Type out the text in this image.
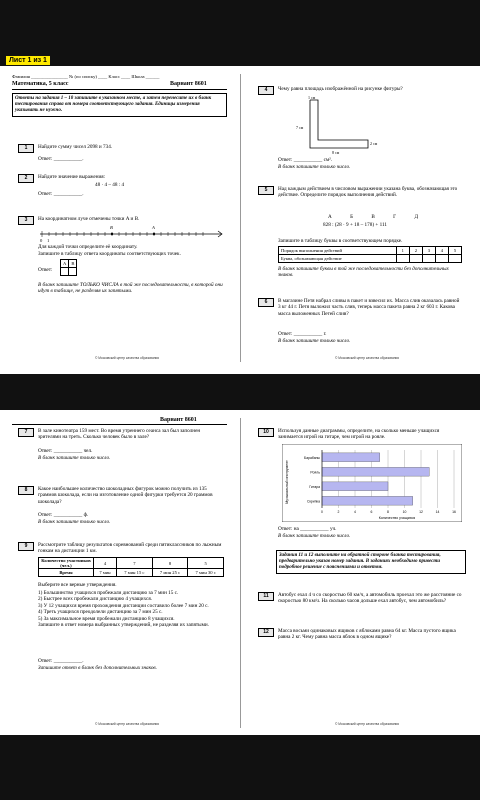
Лист 1 из 1
Фамилия ________________ № (по списку) ____ Класс ____ Школа ______
Математика, 5 класс	Вариант 8601
Ответы на задания 1 – 10 запишите в указанном месте, а затем перенесите их в бланк тестирования справа от номера соответствующего задания. Единицы измерения указывать не нужно.
1	Найдите сумму чисел 2098 и 734.
Ответ: ___________.
2	Найдите значение выражения:
48 · 4 – 48 : 4
Ответ: ___________.
3	На координатном луче отмечены точки A и B.
0 1
B	A
Для каждой точки определите её координату.
Запишите в таблицу ответа координаты соответствующих точек.
A	B

Ответ:
В бланк запишите ТОЛЬКО ЧИСЛА в той же последовательности, в которой они идут в таблице, не разделяя их запятыми.
© Московский центр качества образования
4	Чему равна площадь изображённой на рисунке фигуры?
1 см
7 см
2 см
8 см
Ответ: ___________ см².
В бланк запишите только число.
5	Над каждым действием в числовом выражении указана буква, обозначающая это действие. Определите порядок выполнения действий.
А	Б	В	Г	Д
828 : (28 · 9 + 18 – 178) + 111
Запишите в таблицу буквы в соответствующем порядке.
Порядок выполнения действий	1	2	3	4	5
Буква, обозначающая действие					
В бланк запишите буквы в той же последовательности без дополнительных знаков.
6	В магазине Петя набрал сливы в пакет и взвесил их. Масса слив оказалась равной 3 кг 44 г. Петя выложил часть слив, теперь масса пакета равна 2 кг 603 г. Какова масса выложенных Петей слив?
Ответ: ___________ г.
В бланк запишите только число.
© Московский центр качества образования
Вариант 8601
7	В зале кинотеатра 159 мест. Во время утреннего сеанса зал был заполнен зрителями на треть. Сколько человек было в зале?
Ответ: ___________ чел.
В бланк запишите только число.
8	Какое наибольшее количество шоколадных фигурок можно получить из 135 граммов шоколада, если на изготовление одной фигурки требуется 20 граммов шоколада?
Ответ: ___________ ф.
В бланк запишите только число.
9	Рассмотрите таблицу результатов соревнований среди пятиклассников по лыжным гонкам на дистанции 1 км.
Количество участников (чел.)	4	7	8	5
Время	7 мин	7 мин 15 с	7 мин 25 с	7 мин 30 с
Выберите все верные утверждения.
1) Большинство учащихся пробежали дистанцию за 7 мин 15 с.
2) Быстрее всех пробежали дистанцию 4 учащихся.
3) У 12 учащихся время прохождения дистанции составило более 7 мин 20 с.
4) Треть учащихся преодолели дистанцию за 7 мин 25 с.
5) За максимальное время пробежали дистанцию 8 учащихся.
Запишите в ответ номера выбранных утверждений, не разделяя их запятыми.
Ответ: ___________.
Запишите ответ в бланк без дополнительных знаков.
© Московский центр качества образования
10	Используя данные диаграммы, определите, на сколько меньше учащихся занимается игрой на гитаре, чем игрой на рояле.
Музыкальный инструмент
Количество учащихся
0	2	4	6	8	10	12	14	16
Барабаны
Рояль
Гитара
Скрипка
Ответ: на ___________ уч.
В бланк запишите только число.
Задания 11 и 12 выполните на обратной стороне бланка тестирования, предварительно указав номер задания. В заданиях необходимо привести подробное решение с пояснениями и ответом.
11	Автобус ехал 4 ч со скоростью 60 км/ч, а автомобиль проехал это же расстояние со скоростью 80 км/ч. На сколько часов дольше ехал автобус, чем автомобиль?
12	Масса восьми одинаковых ящиков с яблоками равна 64 кг. Масса пустого ящика равна 2 кг. Чему равна масса яблок в одном ящике?
© Московский центр качества образования
